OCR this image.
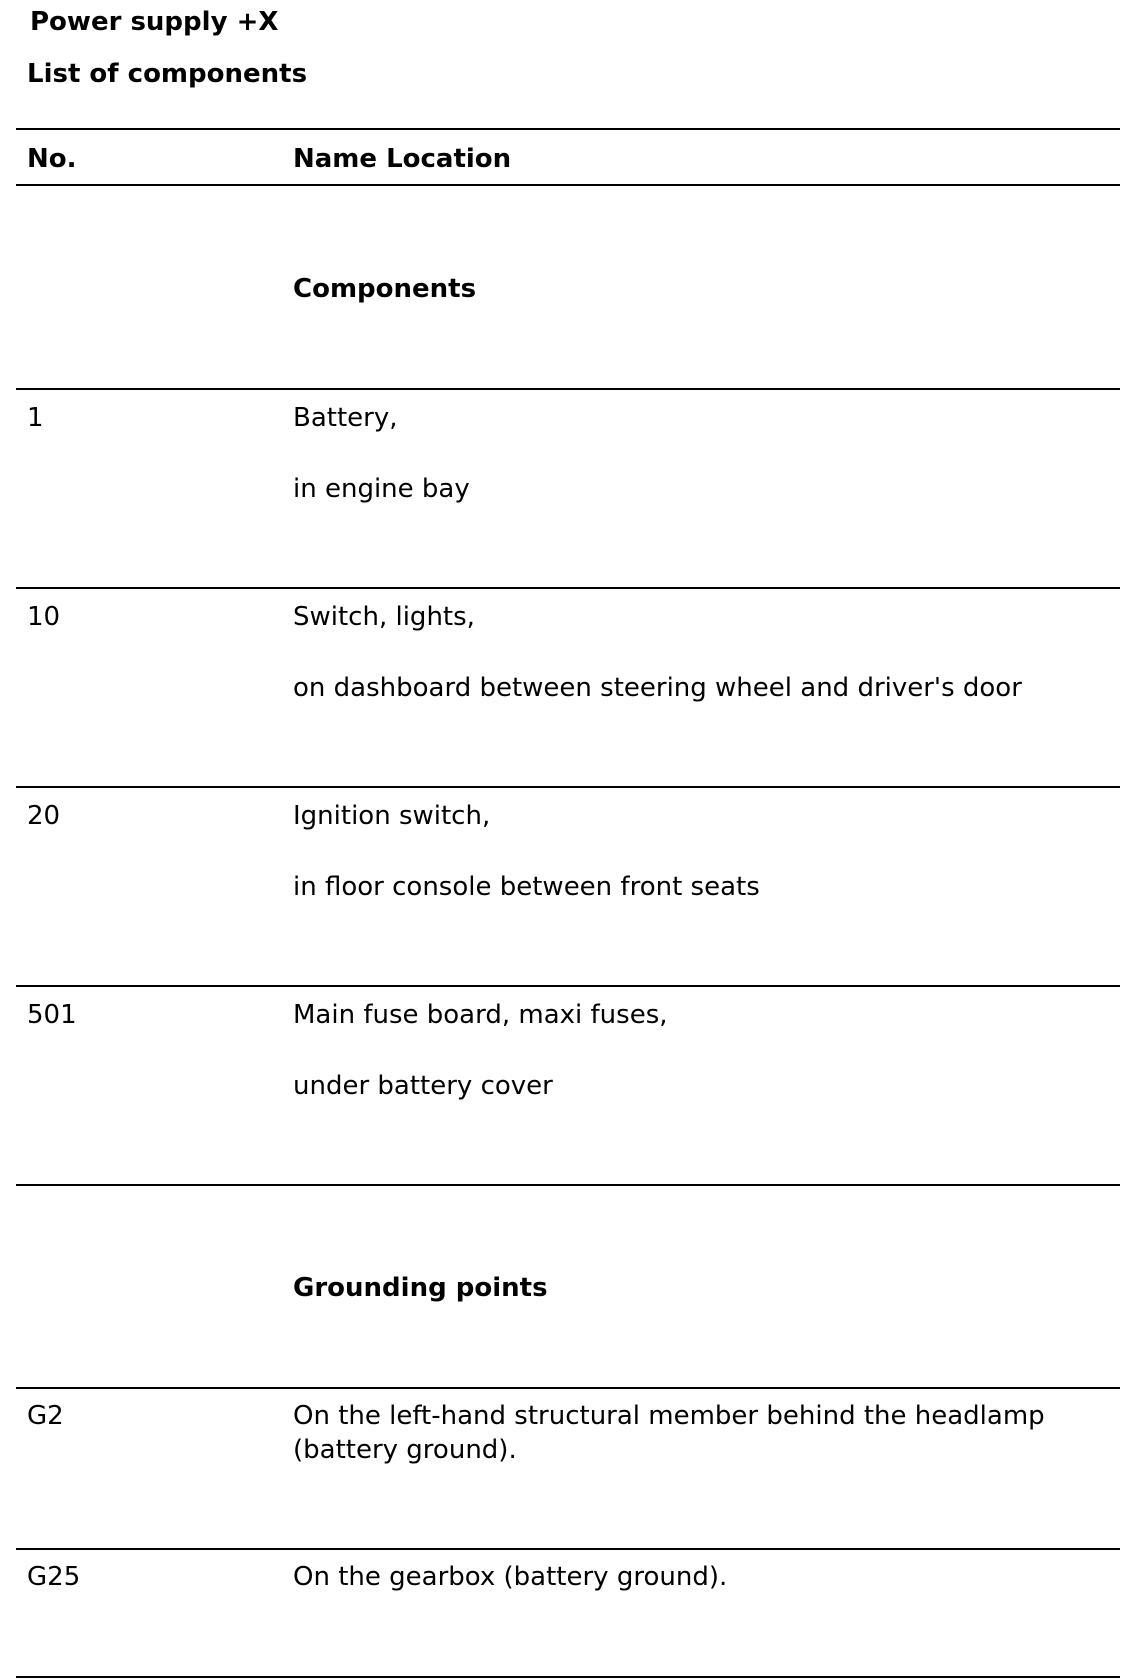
Power supply +X
List of components
No.	Name Location
Components
1	Battery,
in engine bay
10	Switch, lights,
on dashboard between steering wheel and driver's door
20	Ignition switch,
in floor console between front seats
501	Main fuse board, maxi fuses,
under battery cover
Grounding points
G2	On the left-hand structural member behind the headlamp (battery ground).
G25	On the gearbox (battery ground).
